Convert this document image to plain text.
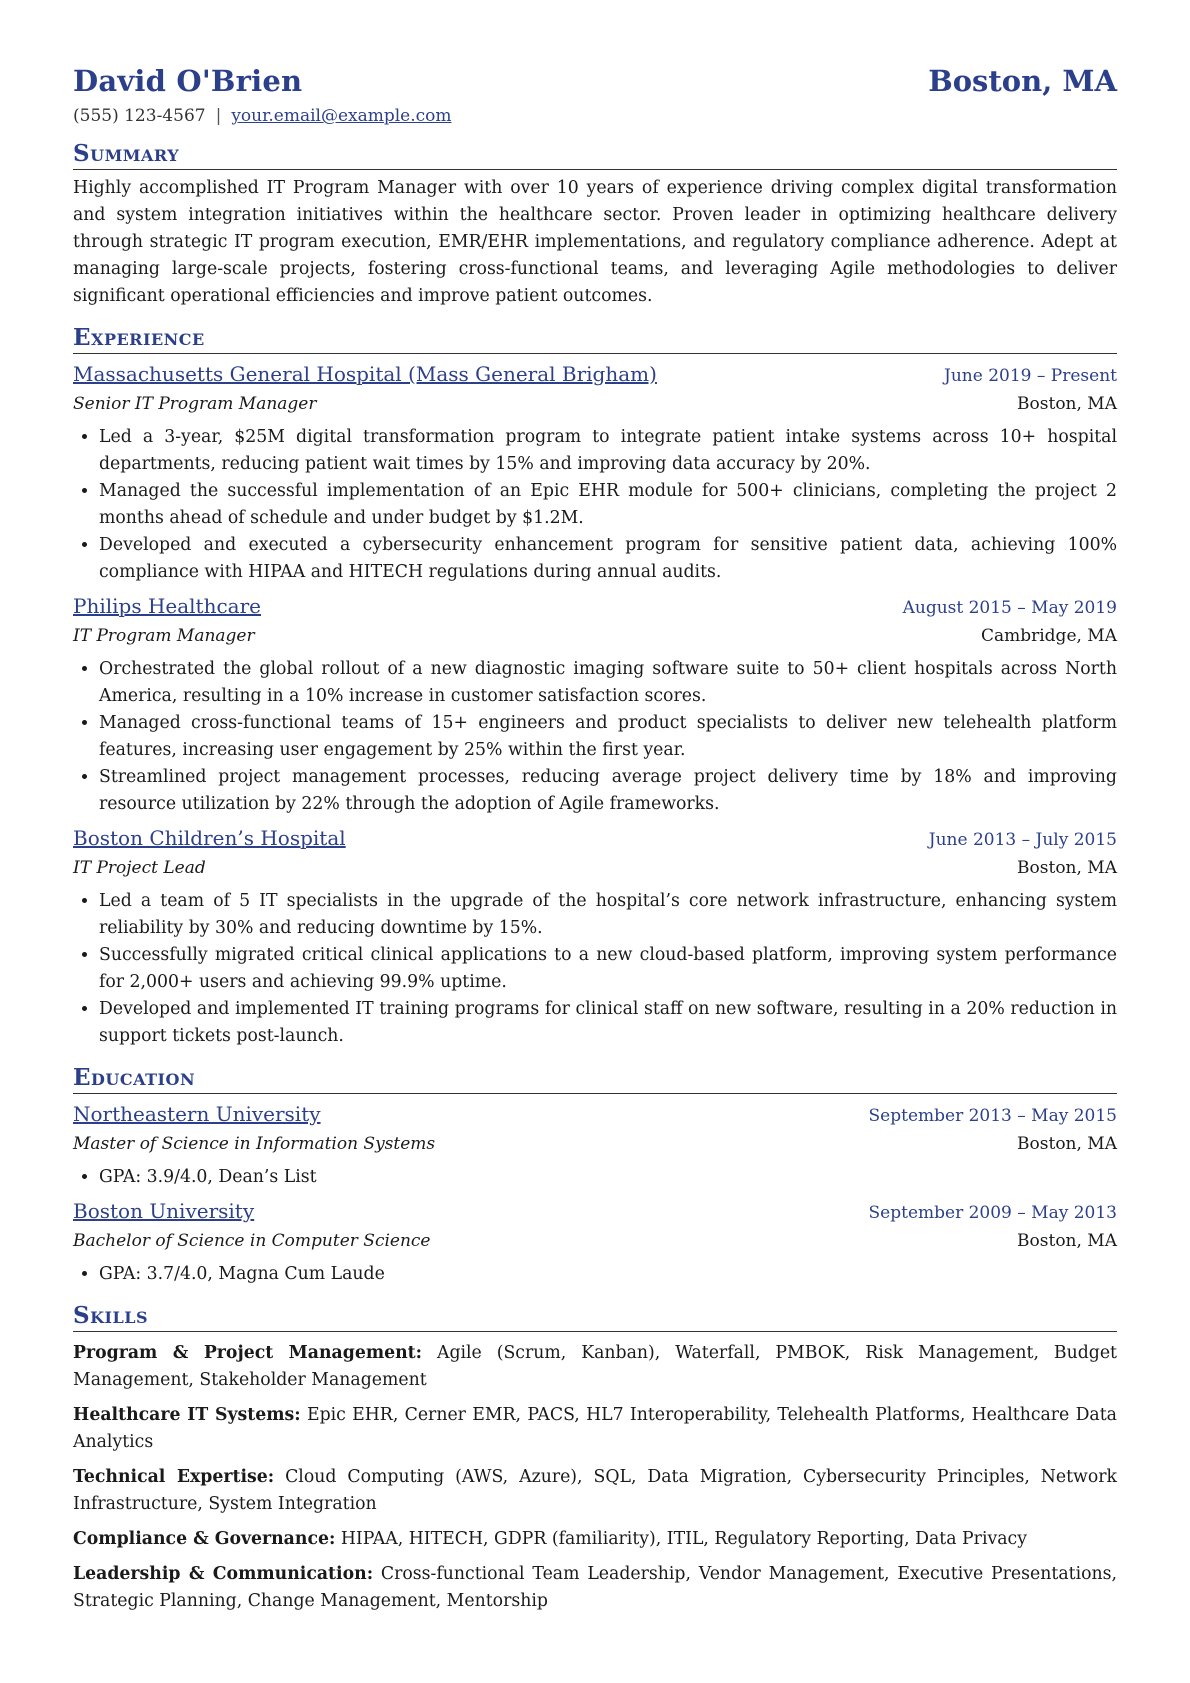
David O'Brien	Boston, MA
(555) 123-4567 | your.email@example.com
Summary
Highly accomplished IT Program Manager with over 10 years of experience driving complex digital transformation and system integration initiatives within the healthcare sector. Proven leader in optimizing healthcare delivery through strategic IT program execution, EMR/EHR implementations, and regulatory compliance adherence. Adept at managing large-scale projects, fostering cross-functional teams, and leveraging Agile methodologies to deliver significant operational efficiencies and improve patient outcomes.
Experience
Massachusetts General Hospital (Mass General Brigham)	June 2019 – Present
Senior IT Program Manager	Boston, MA
• Led a 3-year, $25M digital transformation program to integrate patient intake systems across 10+ hospital departments, reducing patient wait times by 15% and improving data accuracy by 20%.
• Managed the successful implementation of an Epic EHR module for 500+ clinicians, completing the project 2 months ahead of schedule and under budget by $1.2M.
• Developed and executed a cybersecurity enhancement program for sensitive patient data, achieving 100% compliance with HIPAA and HITECH regulations during annual audits.
Philips Healthcare	August 2015 – May 2019
IT Program Manager	Cambridge, MA
• Orchestrated the global rollout of a new diagnostic imaging software suite to 50+ client hospitals across North America, resulting in a 10% increase in customer satisfaction scores.
• Managed cross-functional teams of 15+ engineers and product specialists to deliver new telehealth platform features, increasing user engagement by 25% within the first year.
• Streamlined project management processes, reducing average project delivery time by 18% and improving resource utilization by 22% through the adoption of Agile frameworks.
Boston Children’s Hospital	June 2013 – July 2015
IT Project Lead	Boston, MA
• Led a team of 5 IT specialists in the upgrade of the hospital’s core network infrastructure, enhancing system reliability by 30% and reducing downtime by 15%.
• Successfully migrated critical clinical applications to a new cloud-based platform, improving system performance for 2,000+ users and achieving 99.9% uptime.
• Developed and implemented IT training programs for clinical staff on new software, resulting in a 20% reduction in support tickets post-launch.
Education
Northeastern University	September 2013 – May 2015
Master of Science in Information Systems	Boston, MA
• GPA: 3.9/4.0, Dean’s List
Boston University	September 2009 – May 2013
Bachelor of Science in Computer Science	Boston, MA
• GPA: 3.7/4.0, Magna Cum Laude
Skills
Program & Project Management: Agile (Scrum, Kanban), Waterfall, PMBOK, Risk Management, Budget Management, Stakeholder Management
Healthcare IT Systems: Epic EHR, Cerner EMR, PACS, HL7 Interoperability, Telehealth Platforms, Healthcare Data Analytics
Technical Expertise: Cloud Computing (AWS, Azure), SQL, Data Migration, Cybersecurity Principles, Network Infrastructure, System Integration
Compliance & Governance: HIPAA, HITECH, GDPR (familiarity), ITIL, Regulatory Reporting, Data Privacy
Leadership & Communication: Cross-functional Team Leadership, Vendor Management, Executive Presentations, Strategic Planning, Change Management, Mentorship
